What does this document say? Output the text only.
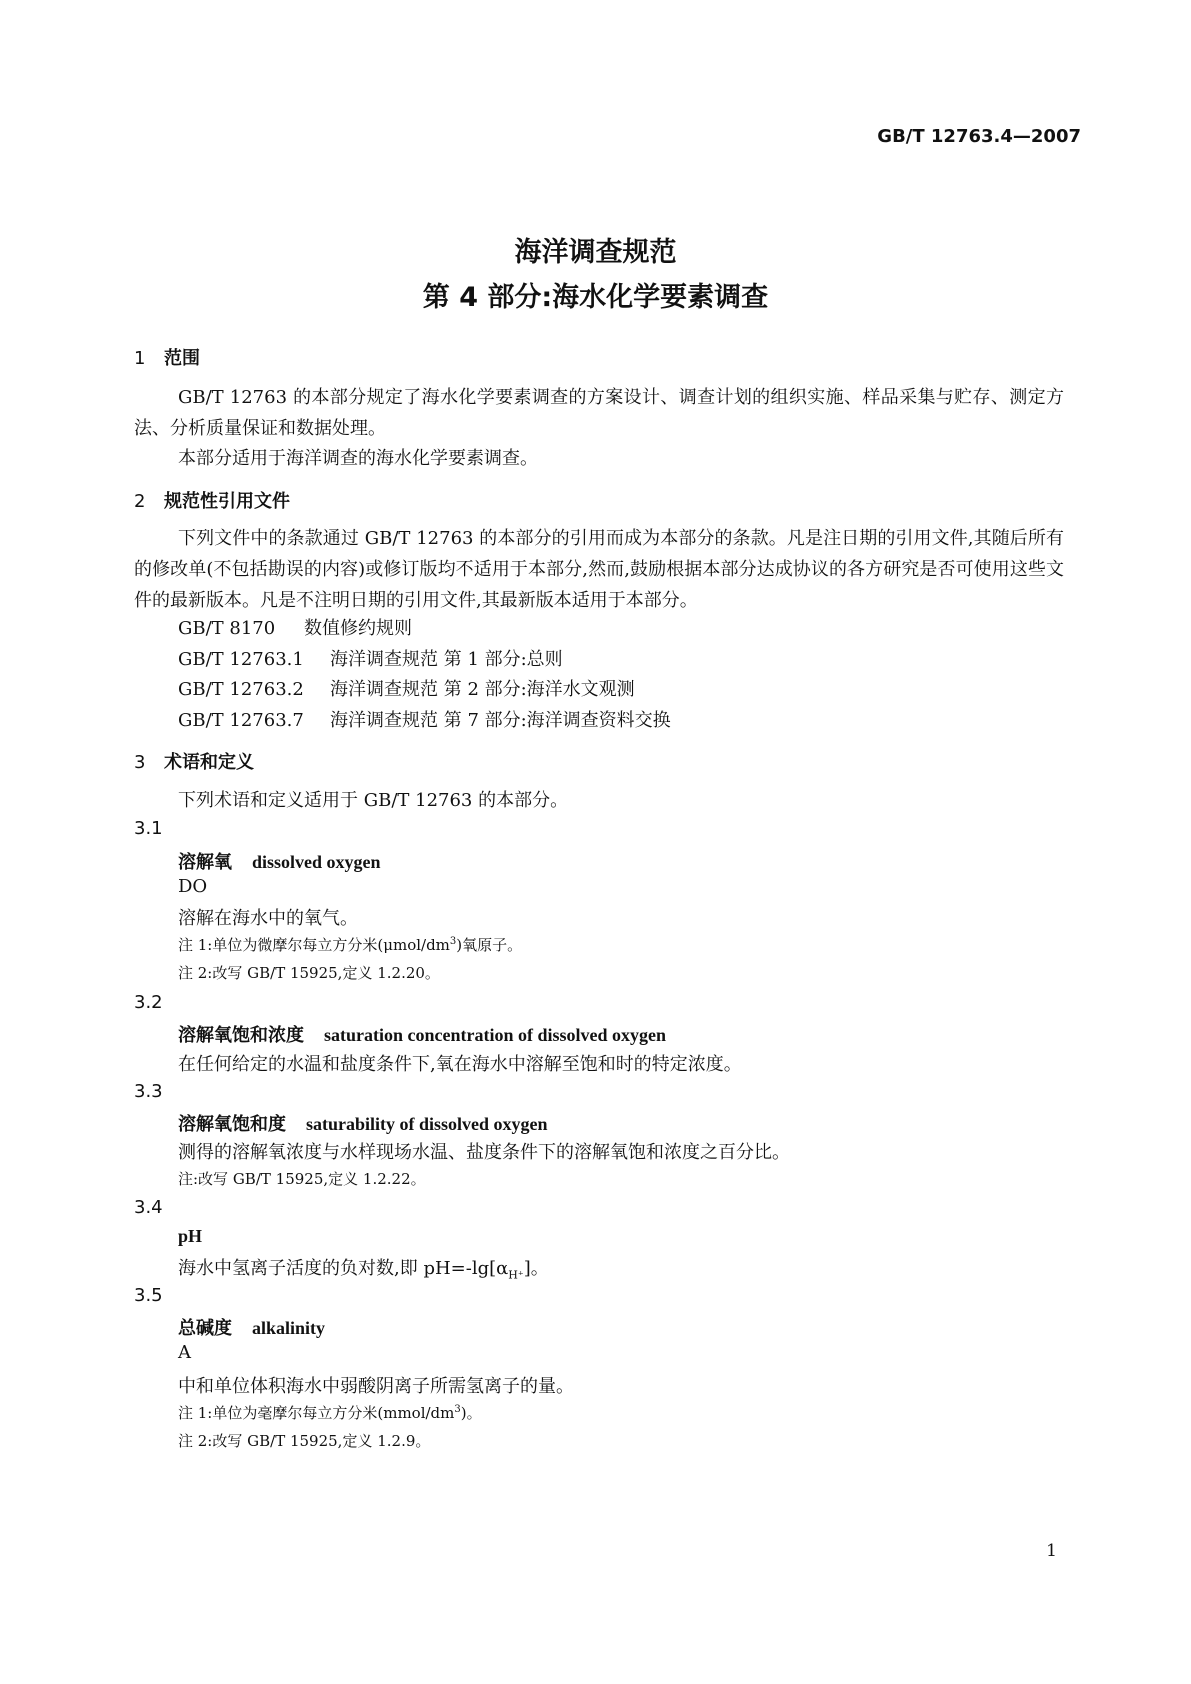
GB/T 12763.4—2007
海洋调查规范
第 4 部分:海水化学要素调查
1 范围
GB/T 12763 的本部分规定了海水化学要素调查的方案设计、调查计划的组织实施、样品采集与贮存、测定方法、分析质量保证和数据处理。
本部分适用于海洋调查的海水化学要素调查。
2 规范性引用文件
下列文件中的条款通过 GB/T 12763 的本部分的引用而成为本部分的条款。凡是注日期的引用文件,其随后所有的修改单(不包括勘误的内容)或修订版均不适用于本部分,然而,鼓励根据本部分达成协议的各方研究是否可使用这些文件的最新版本。凡是不注明日期的引用文件,其最新版本适用于本部分。
GB/T 8170 数值修约规则
GB/T 12763.1 海洋调查规范 第 1 部分:总则
GB/T 12763.2 海洋调查规范 第 2 部分:海洋水文观测
GB/T 12763.7 海洋调查规范 第 7 部分:海洋调查资料交换
3 术语和定义
下列术语和定义适用于 GB/T 12763 的本部分。
3.1
溶解氧 dissolved oxygen
DO
溶解在海水中的氧气。
注 1:单位为微摩尔每立方分米$(\mu mol/dm^3)$氧原子。
注 2:改写 GB/T 15925,定义 1.2.20。
3.2
溶解氧饱和浓度 saturation concentration of dissolved oxygen
在任何给定的水温和盐度条件下,氧在海水中溶解至饱和时的特定浓度。
3.3
溶解氧饱和度 saturability of dissolved oxygen
测得的溶解氧浓度与水样现场水温、盐度条件下的溶解氧饱和浓度之百分比。
注:改写 GB/T 15925,定义 1.2.22。
3.4
pH
海水中氢离子活度的负对数,即 $pH=-\lg[\alpha_{H^+}]$。
3.5
总碱度 alkalinity
A
中和单位体积海水中弱酸阴离子所需氢离子的量。
注 1:单位为毫摩尔每立方分米$(mmol/dm^3)$。
注 2:改写 GB/T 15925,定义 1.2.9。
1
